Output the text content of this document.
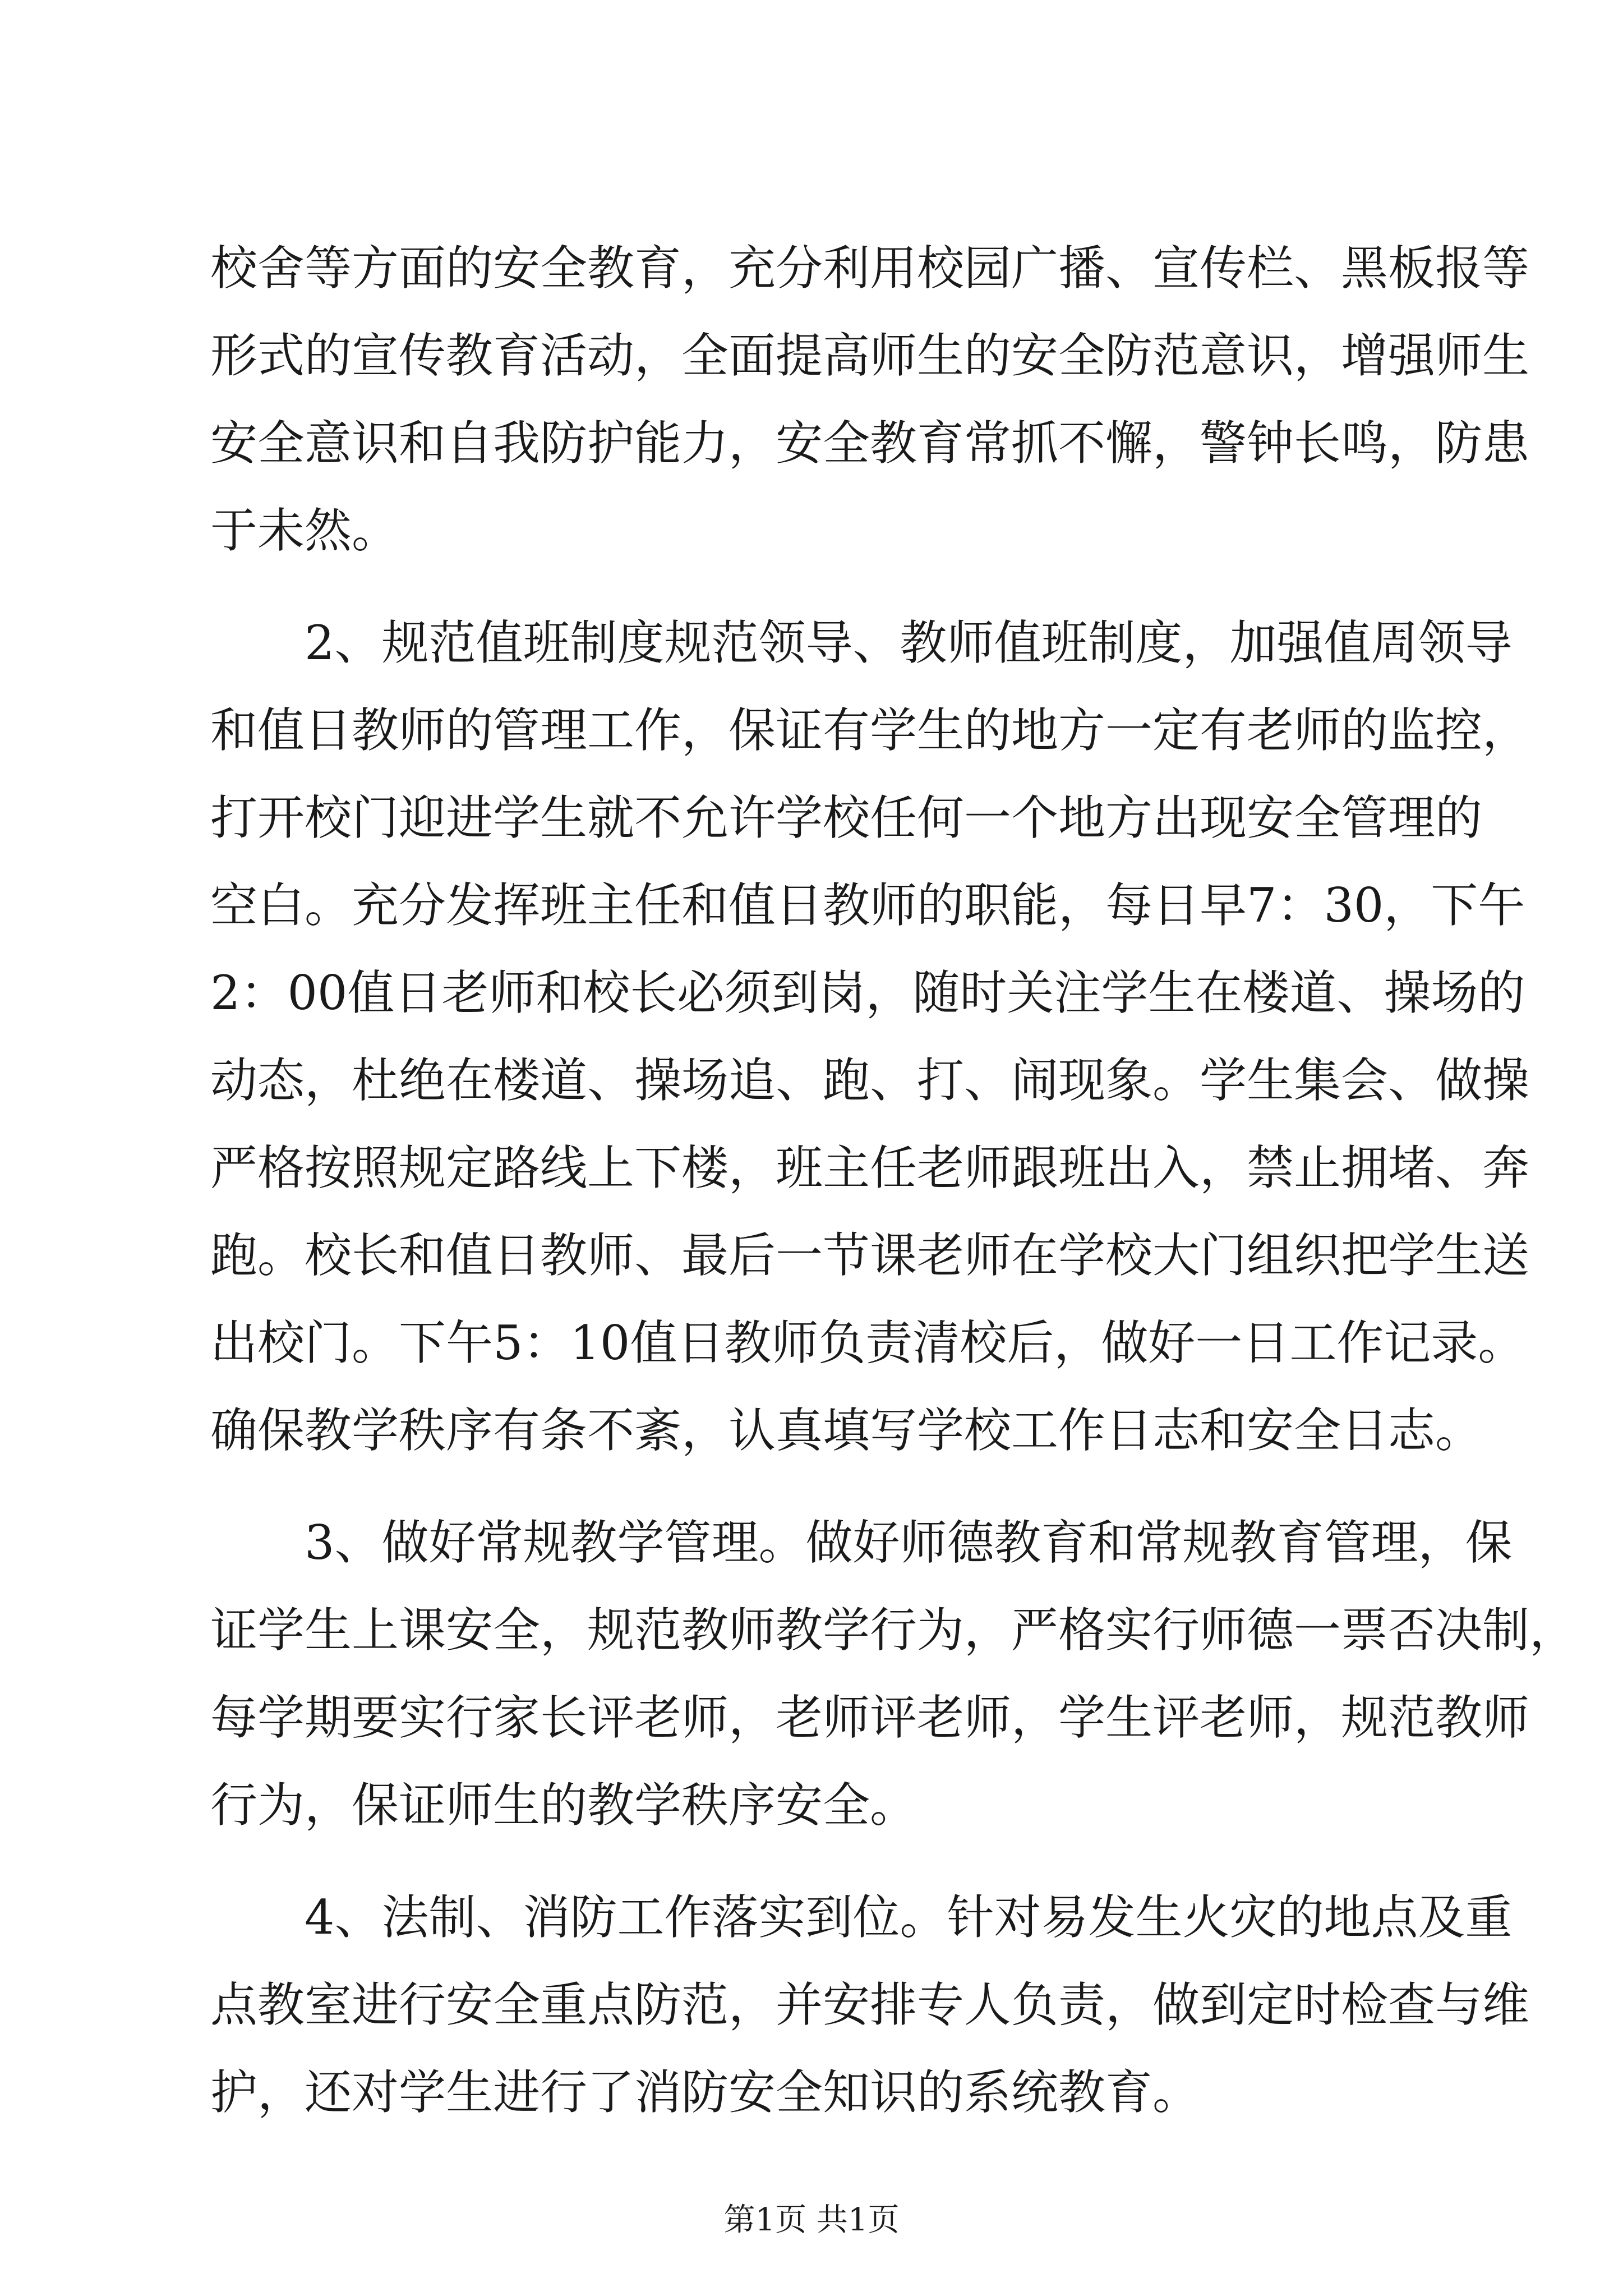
校舍等方面的安全教育，充分利用校园广播、宣传栏、黑板报等
形式的宣传教育活动，全面提高师生的安全防范意识，增强师生
安全意识和自我防护能力，安全教育常抓不懈，警钟长鸣，防患
于未然。
2、规范值班制度规范领导、教师值班制度，加强值周领导
和值日教师的管理工作，保证有学生的地方一定有老师的监控，
打开校门迎进学生就不允许学校任何一个地方出现安全管理的
空白。充分发挥班主任和值日教师的职能，每日早7：30，下午
2：00值日老师和校长必须到岗，随时关注学生在楼道、操场的
动态，杜绝在楼道、操场追、跑、打、闹现象。学生集会、做操
严格按照规定路线上下楼，班主任老师跟班出入，禁止拥堵、奔
跑。校长和值日教师、最后一节课老师在学校大门组织把学生送
出校门。下午5：10值日教师负责清校后，做好一日工作记录。
确保教学秩序有条不紊，认真填写学校工作日志和安全日志。
3、做好常规教学管理。做好师德教育和常规教育管理，保
证学生上课安全，规范教师教学行为，严格实行师德一票否决制，
每学期要实行家长评老师，老师评老师，学生评老师，规范教师
行为，保证师生的教学秩序安全。
4、法制、消防工作落实到位。针对易发生火灾的地点及重
点教室进行安全重点防范，并安排专人负责，做到定时检查与维
护，还对学生进行了消防安全知识的系统教育。
第1页 共1页
